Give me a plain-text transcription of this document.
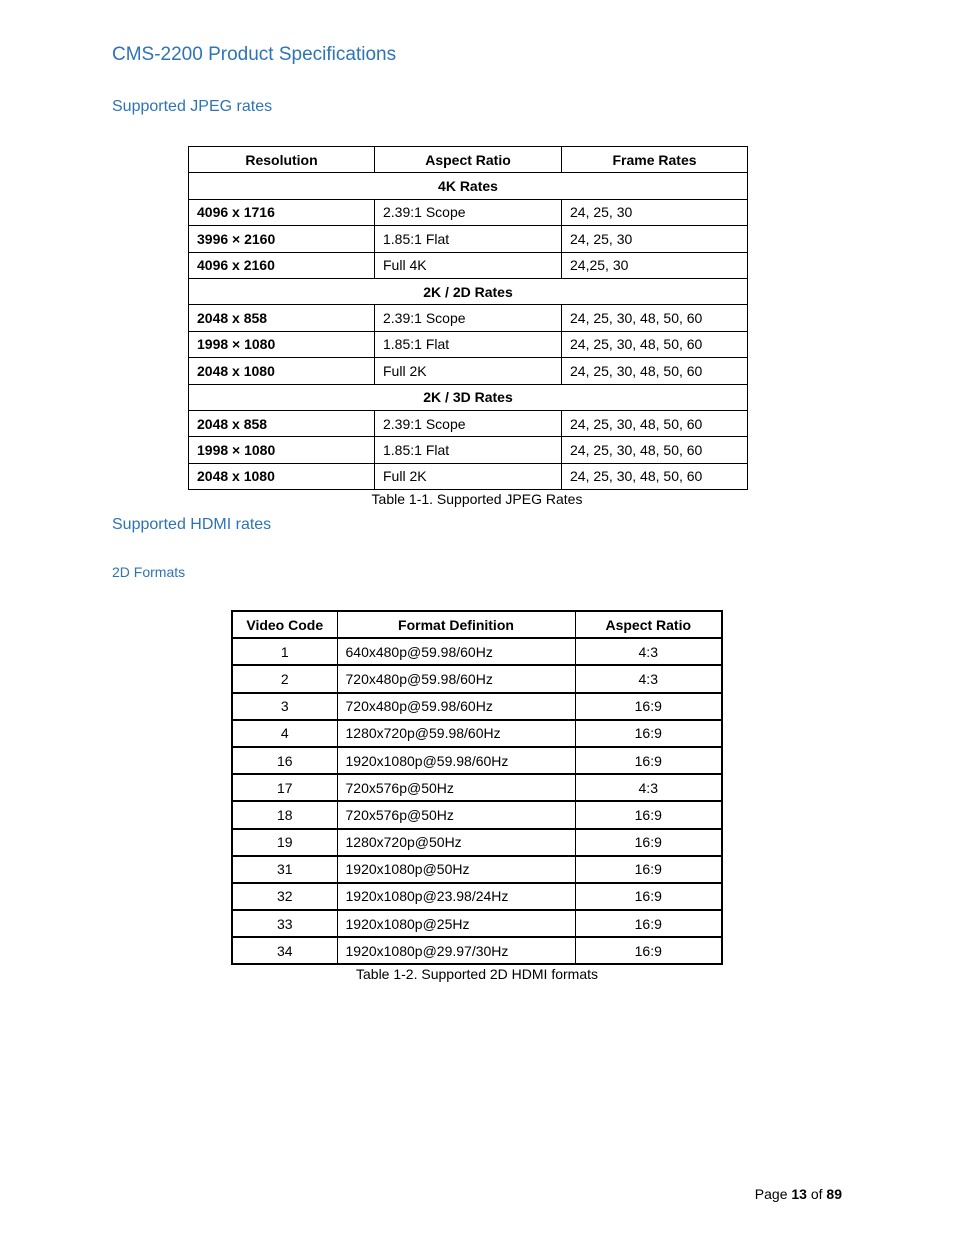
CMS-2200 Product Specifications
Supported JPEG rates
Resolution	Aspect Ratio	Frame Rates
4K Rates		
4096 x 1716	2.39:1 Scope	24, 25, 30
3996 × 2160	1.85:1 Flat	24, 25, 30
4096 x 2160	Full 4K	24,25, 30
2K / 2D Rates		
2048 x 858	2.39:1 Scope	24, 25, 30, 48, 50, 60
1998 × 1080	1.85:1 Flat	24, 25, 30, 48, 50, 60
2048 x 1080	Full 2K	24, 25, 30, 48, 50, 60
2K / 3D Rates		
2048 x 858	2.39:1 Scope	24, 25, 30, 48, 50, 60
1998 × 1080	1.85:1 Flat	24, 25, 30, 48, 50, 60
2048 x 1080	Full 2K	24, 25, 30, 48, 50, 60
Table 1-1. Supported JPEG Rates
Supported HDMI rates
2D Formats
Video Code	Format Definition	Aspect Ratio
1	640x480p@59.98/60Hz	4:3
2	720x480p@59.98/60Hz	4:3
3	720x480p@59.98/60Hz	16:9
4	1280x720p@59.98/60Hz	16:9
16	1920x1080p@59.98/60Hz	16:9
17	720x576p@50Hz	4:3
18	720x576p@50Hz	16:9
19	1280x720p@50Hz	16:9
31	1920x1080p@50Hz	16:9
32	1920x1080p@23.98/24Hz	16:9
33	1920x1080p@25Hz	16:9
34	1920x1080p@29.97/30Hz	16:9
Table 1-2. Supported 2D HDMI formats
Page 13 of 89
